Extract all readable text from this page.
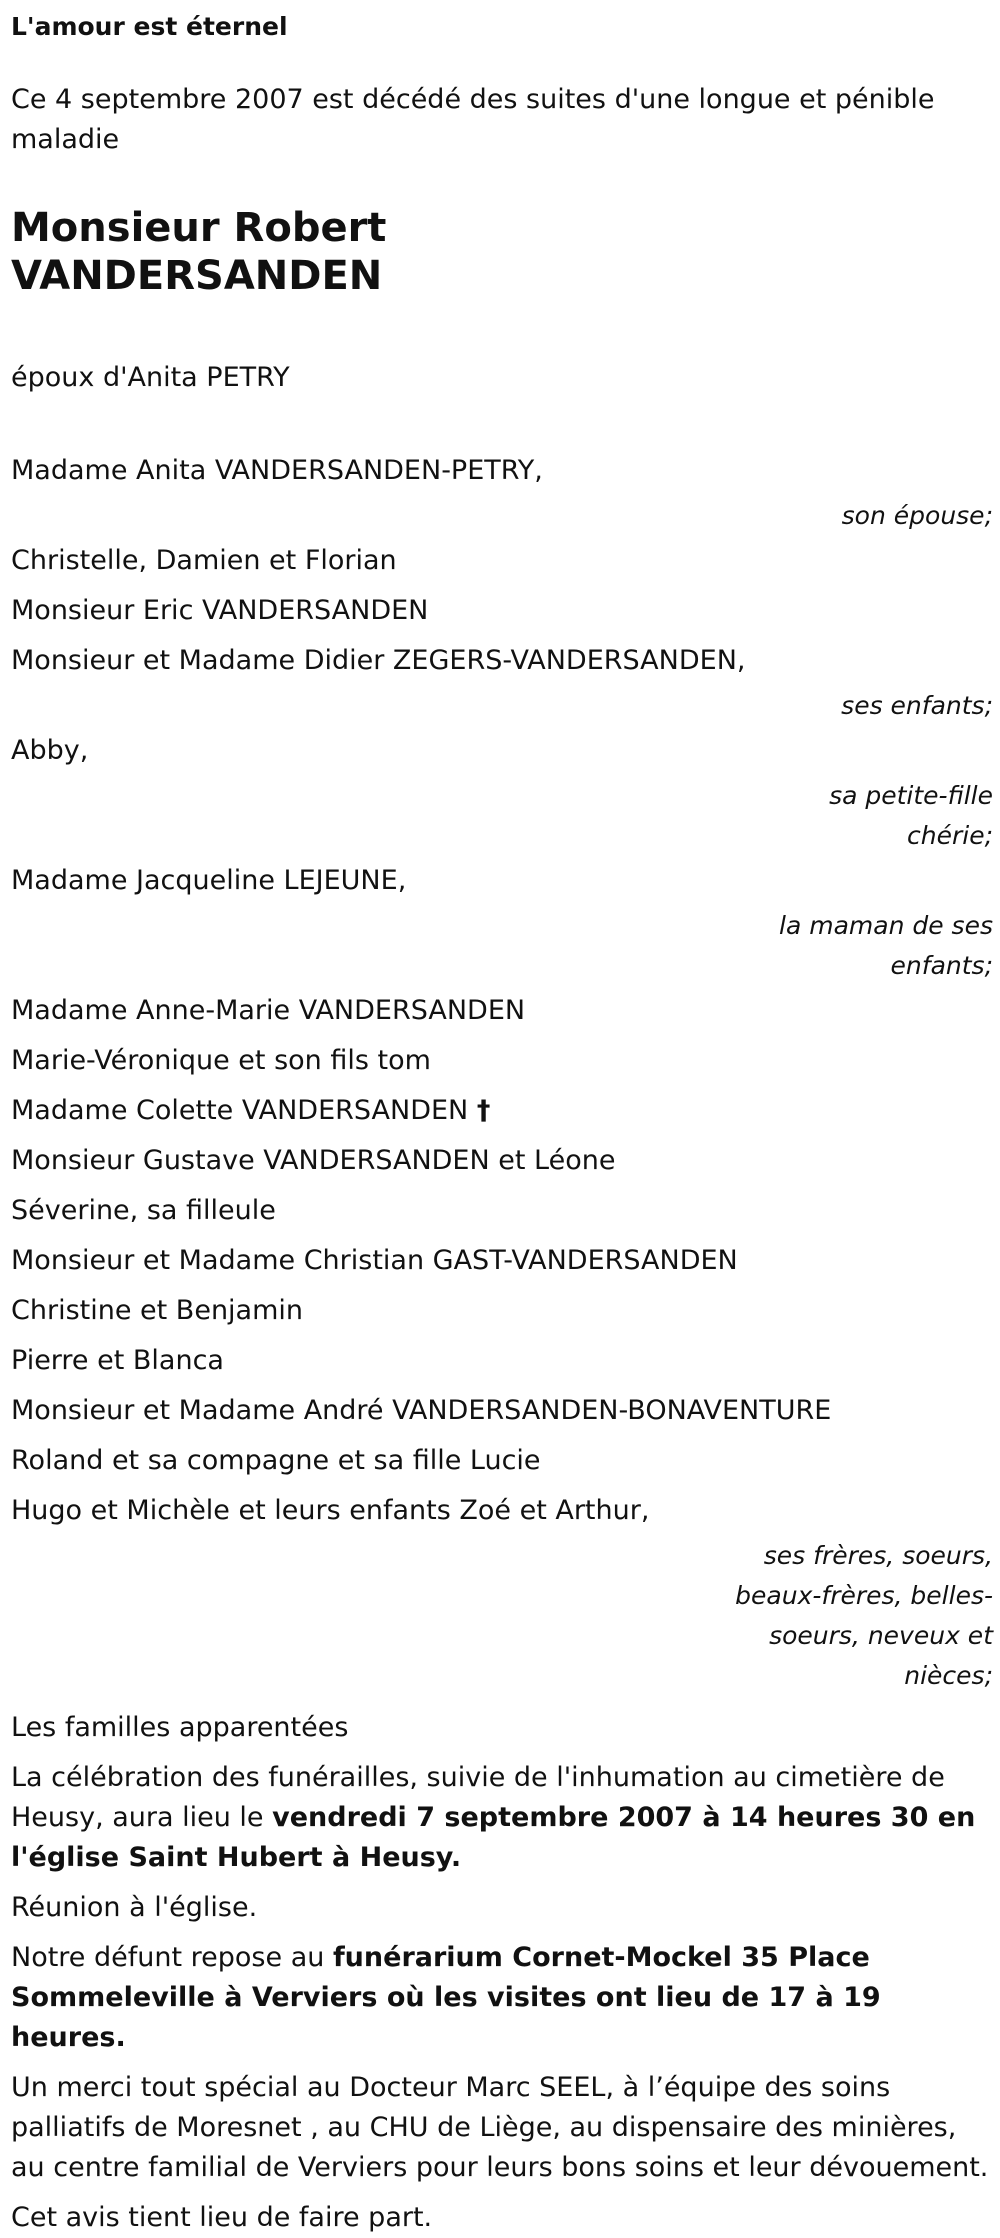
L'amour est éternel

Ce 4 septembre 2007 est décédé des suites d'une longue et pénible maladie

Monsieur Robert
VANDERSANDEN

époux d'Anita PETRY

Madame Anita VANDERSANDEN-PETRY,
son épouse;
Christelle, Damien et Florian
Monsieur Eric VANDERSANDEN
Monsieur et Madame Didier ZEGERS-VANDERSANDEN,
ses enfants;
Abby,
sa petite-fille chérie;
Madame Jacqueline LEJEUNE,
la maman de ses enfants;
Madame Anne-Marie VANDERSANDEN
Marie-Véronique et son fils tom
Madame Colette VANDERSANDEN †
Monsieur Gustave VANDERSANDEN et Léone
Séverine, sa filleule
Monsieur et Madame Christian GAST-VANDERSANDEN
Christine et Benjamin
Pierre et Blanca
Monsieur et Madame André VANDERSANDEN-BONAVENTURE
Roland et sa compagne et sa fille Lucie
Hugo et Michèle et leurs enfants Zoé et Arthur,
ses frères, soeurs, beaux-frères, belles-soeurs, neveux et nièces;

Les familles apparentées

La célébration des funérailles, suivie de l'inhumation au cimetière de Heusy, aura lieu le vendredi 7 septembre 2007 à 14 heures 30 en l'église Saint Hubert à Heusy.

Réunion à l'église.

Notre défunt repose au funérarium Cornet-Mockel 35 Place Sommeleville à Verviers où les visites ont lieu de 17 à 19 heures.

Un merci tout spécial au Docteur Marc SEEL, à l’équipe des soins palliatifs de Moresnet , au CHU de Liège, au dispensaire des minières, au centre familial de Verviers pour leurs bons soins et leur dévouement.

Cet avis tient lieu de faire part.
